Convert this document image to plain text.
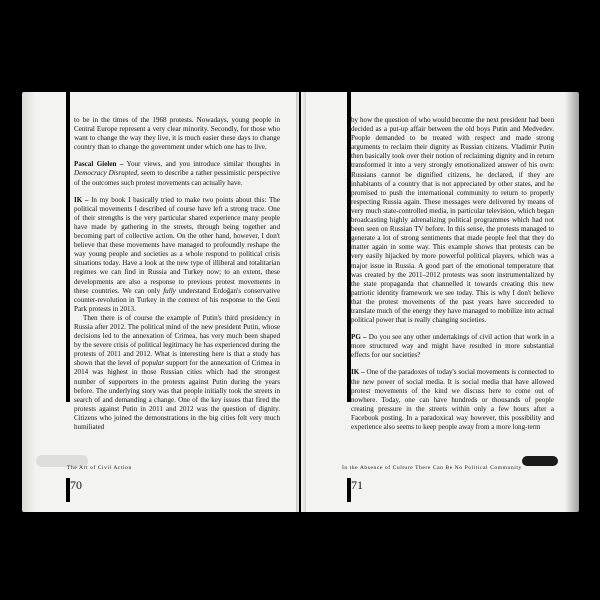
to be in the times of the 1968 protests. Nowadays, young people in Central Europe represent a very clear minority. Secondly, for those who want to change the way they live, it is much easier these days to change country than to change the government under which one has to live.

Pascal Gielen – Your views, and you introduce similar thoughts in Democracy Disrupted, seem to describe a rather pessimistic perspective of the outcomes such protest movements can actually have.

IK – In my book I basically tried to make two points about this: The political movements I described of course have left a strong trace. One of their strengths is the very particular shared experience many people have made by gathering in the streets, through being together and becoming part of collective action. On the other hand, however, I don't believe that these movements have managed to profoundly reshape the way young people and societies as a whole respond to political crisis situations today. Have a look at the new type of illiberal and totalitarian regimes we can find in Russia and Turkey now; to an extent, these developments are also a response to previous protest movements in these countries. We can only fully understand Erdoğan's conservative counter-revolution in Turkey in the context of his response to the Gezi Park protests in 2013.

Then there is of course the example of Putin's third presidency in Russia after 2012. The political mind of the new president Putin, whose decisions led to the annexation of Crimea, has very much been shaped by the severe crisis of political legitimacy he has experienced during the protests of 2011 and 2012. What is interesting here is that a study has shown that the level of popular support for the annexation of Crimea in 2014 was highest in those Russian cities which had the strongest number of supporters in the protests against Putin during the years before. The underlying story was that people initially took the streets in search of and demanding a change. One of the key issues that fired the protests against Putin in 2011 and 2012 was the question of dignity. Citizens who joined the demonstrations in the big cities felt very much humiliated

by how the question of who would become the next president had been decided as a put-up affair between the old boys Putin and Medvedev. People demanded to be treated with respect and made strong arguments to reclaim their dignity as Russian citizens. Vladimir Putin then basically took over their notion of reclaiming dignity and in return transformed it into a very strongly emotionalized answer of his own: Russians cannot be dignified citizens, he declared, if they are inhabitants of a country that is not appreciated by other states, and he promised to push the international community to return to properly respecting Russia again. These messages were delivered by means of very much state-controlled media, in particular television, which began broadcasting highly adrenalizing political programmes which had not been seen on Russian TV before. In this sense, the protests managed to generate a lot of strong sentiments that made people feel that they do matter again in some way. This example shows that protests can be very easily hijacked by more powerful political players, which was a major issue in Russia. A good part of the emotional temperature that was created by the 2011–2012 protests was soon instrumentalized by the state propaganda that channelled it towards creating this new patriotic identity framework we see today. This is why I don't believe that the protest movements of the past years have succeeded to translate much of the energy they have managed to mobilize into actual political power that is really changing societies.

PG – Do you see any other undertakings of civil action that work in a more structured way and might have resulted in more substantial effects for our societies?

IK – One of the paradoxes of today's social movements is connected to the new power of social media. It is social media that have allowed protest movements of the kind we discuss here to come out of nowhere. Today, one can have hundreds or thousands of people creating pressure in the streets within only a few hours after a Facebook posting. In a paradoxical way however, this possibility and experience also seems to keep people away from a more long-term

The Art of Civil Action	In the Absence of Culture There Can Be No Political Community
70	71
